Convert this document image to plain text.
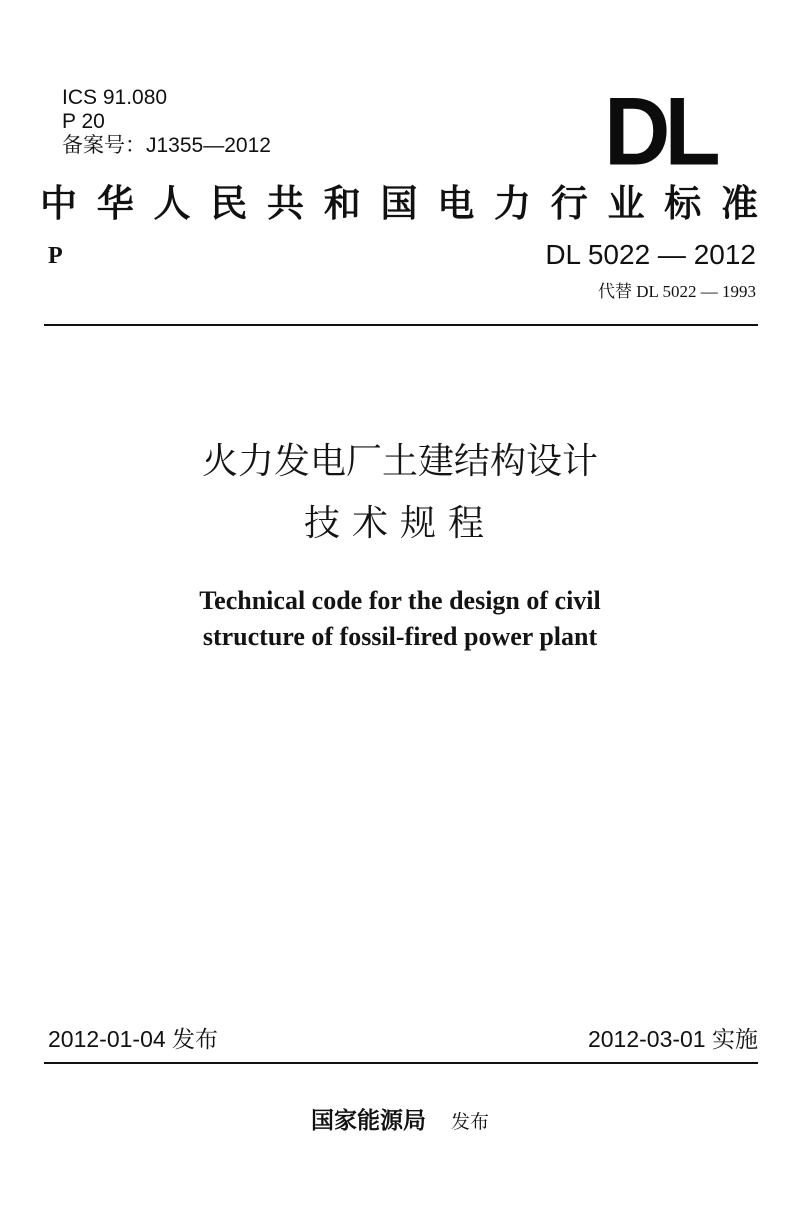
ICS 91.080
P 20
备案号：J1355—2012	DL
中 华 人 民 共 和 国 电 力 行 业 标 准
P	DL 5022 — 2012
代替 DL 5022 — 1993
火力发电厂土建结构设计
技术规程
Technical code for the design of civil
structure of fossil-fired power plant
2012-01-04 发布	2012-03-01 实施
国家能源局 发布
